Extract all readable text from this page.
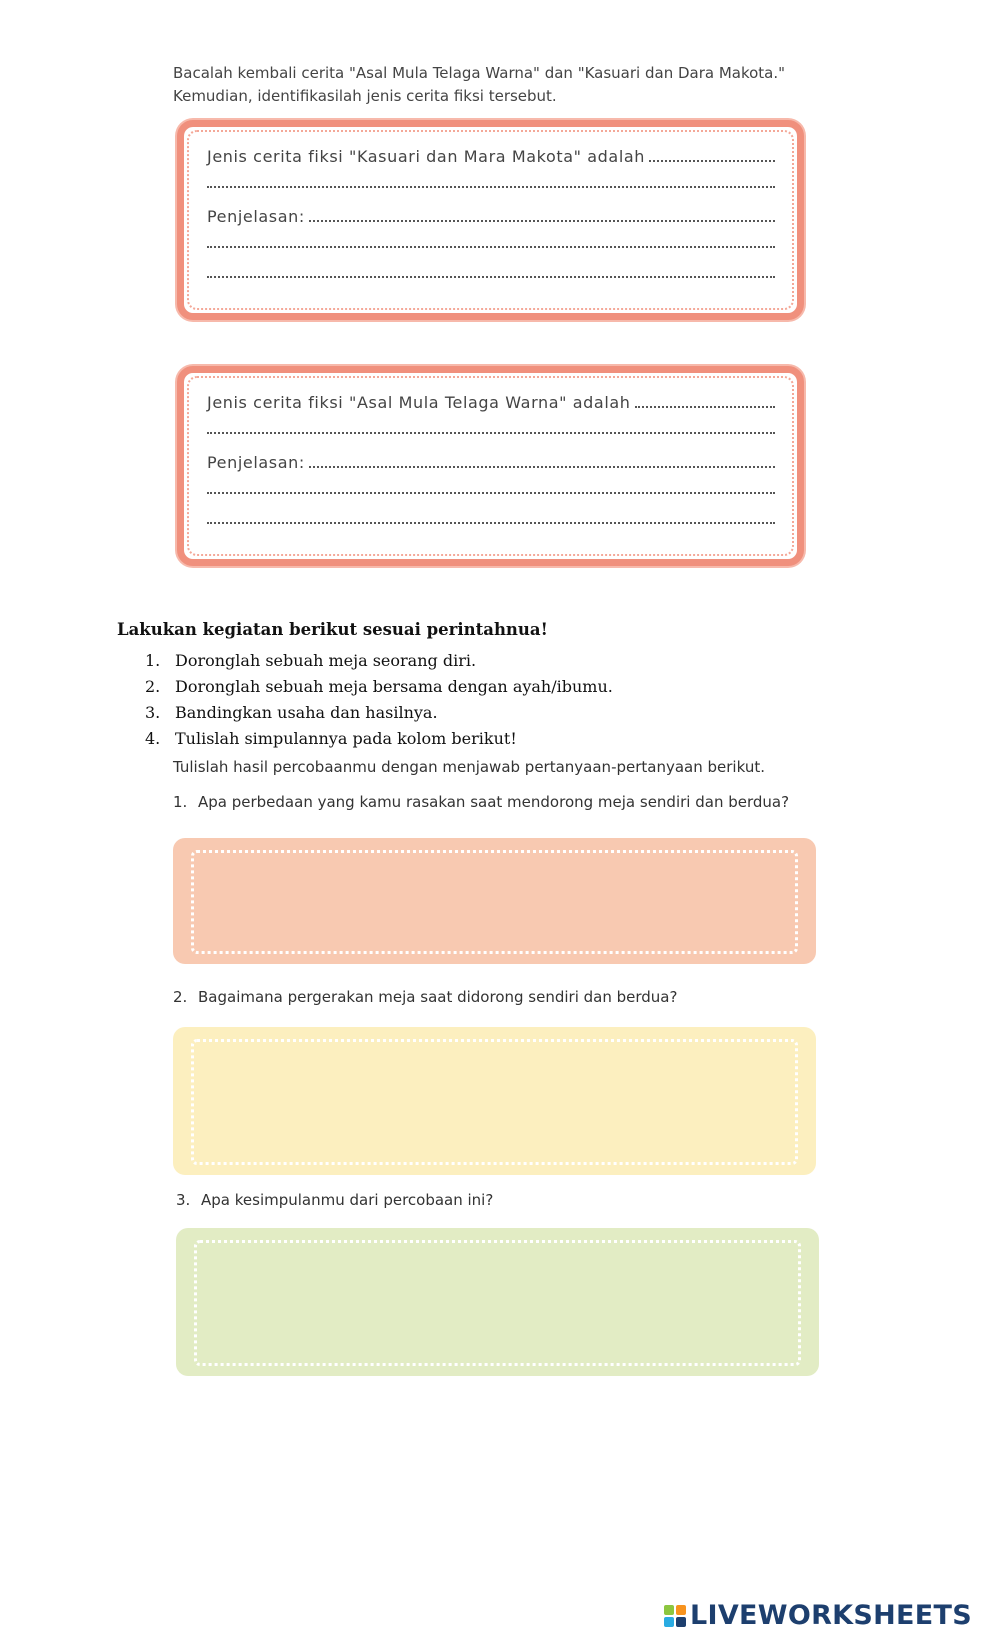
Bacalah kembali cerita "Asal Mula Telaga Warna" dan "Kasuari dan Dara Makota."
Kemudian, identifikasilah jenis cerita fiksi tersebut.
Jenis cerita fiksi "Kasuari dan Mara Makota" adalah
Penjelasan:
Jenis cerita fiksi "Asal Mula Telaga Warna" adalah
Penjelasan:
Lakukan kegiatan berikut sesuai perintahnua!
1. Doronglah sebuah meja seorang diri.
2. Doronglah sebuah meja bersama dengan ayah/ibumu.
3. Bandingkan usaha dan hasilnya.
4. Tulislah simpulannya pada kolom berikut!
Tulislah hasil percobaanmu dengan menjawab pertanyaan-pertanyaan berikut.
1. Apa perbedaan yang kamu rasakan saat mendorong meja sendiri dan berdua?
2. Bagaimana pergerakan meja saat didorong sendiri dan berdua?
3. Apa kesimpulanmu dari percobaan ini?
LIVEWORKSHEETS
